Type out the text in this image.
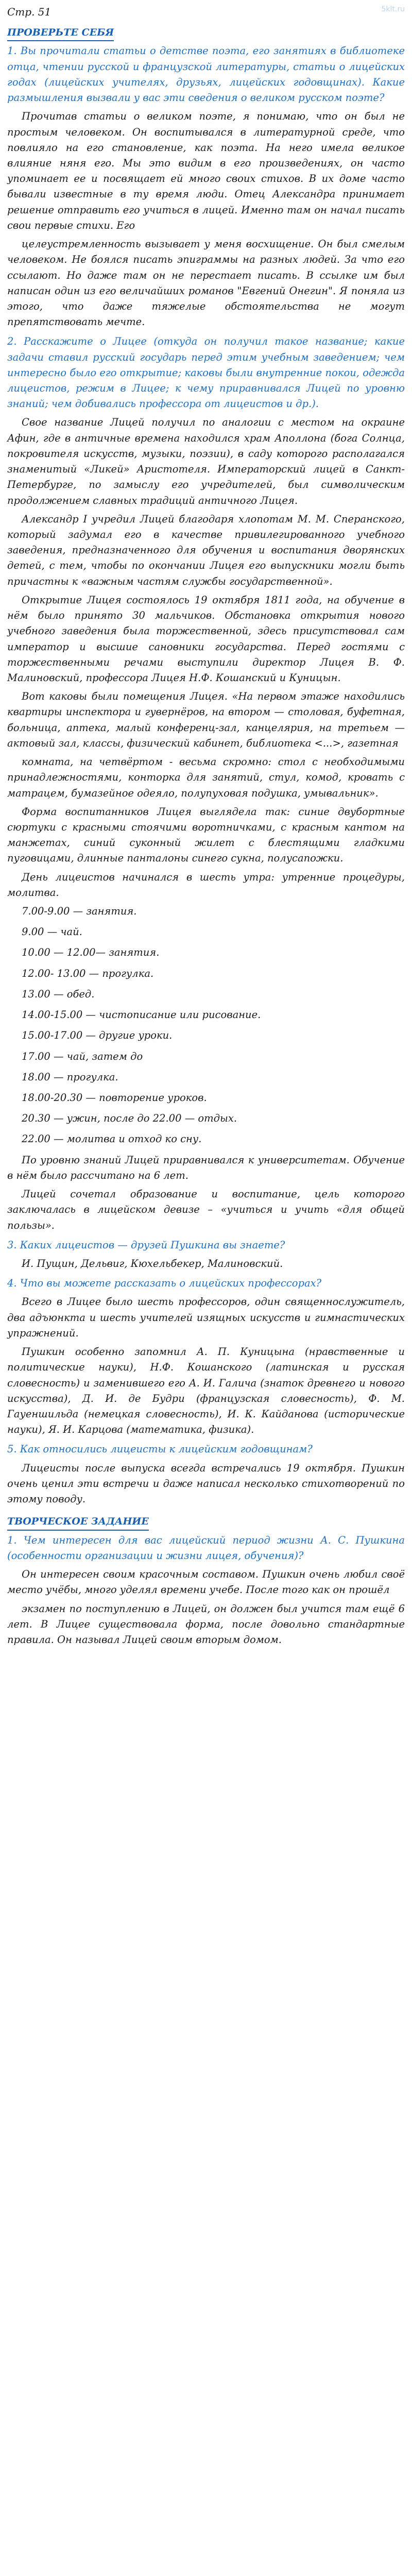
Стр. 51	5klt.ru
ПРОВЕРЬТЕ СЕБЯ
1. Вы прочитали статьи о детстве поэта, его занятиях в библиотеке отца, чтении русской и французской литературы, статьи о лицейских годах (лицейских учителях, друзьях, лицейских годовщинах). Какие размышления вызвали у вас эти сведения о великом русском поэте?

Прочитав статьи о великом поэте, я понимаю, что он был не простым человеком. Он воспитывался в литературной среде, что повлияло на его становление, как поэта. На него имела великое влияние няня его. Мы это видим в его произведениях, он часто упоминает ее и посвящает ей много своих стихов. В их доме часто бывали известные в ту время люди. Отец Александра принимает решение отправить его учиться в лицей. Именно там он начал писать свои первые стихи. Его

целеустремленность вызывает у меня восхищение. Он был смелым человеком. Не боялся писать эпиграммы на разных людей. За что его ссылают. Но даже там он не перестает писать. В ссылке им был написан один из его величайших романов "Евгений Онегин". Я поняла из этого, что даже тяжелые обстоятельства не могут препятствовать мечте.

2. Расскажите о Лицее (откуда он получил такое название; какие задачи ставил русский государь перед этим учебным заведением; чем интересно было его открытие; каковы были внутренние покои, одежда лицеистов, режим в Лицее; к чему приравнивался Лицей по уровню знаний; чем добивались профессора от лицеистов и др.).

Свое название Лицей получил по аналогии с местом на окраине Афин, где в античные времена находился храм Аполлона (бога Солнца, покровителя искусств, музыки, поэзии), в саду которого располагался знаменитый «Ликей» Аристотеля. Императорский лицей в Санкт-Петербурге, по замыслу его учредителей, был символическим продолжением славных традиций античного Лицея.

Александр I учредил Лицей благодаря хлопотам М. М. Сперанского, который задумал его в качестве привилегированного учебного заведения, предназначенного для обучения и воспитания дворянских детей, с тем, чтобы по окончании Лицея его выпускники могли быть причастны к «важным частям службы государственной».

Открытие Лицея состоялось 19 октября 1811 года, на обучение в нём было принято 30 мальчиков. Обстановка открытия нового учебного заведения была торжественной, здесь присутствовал сам император и высшие сановники государства. Перед гостями с торжественными речами выступили директор Лицея В. Ф. Малиновский, профессора Лицея Н.Ф. Кошанский и Куницын.

Вот каковы были помещения Лицея. «На первом этаже находились квартиры инспектора и гувернёров, на втором — столовая, буфетная, больница, аптека, малый конференц-зал, канцелярия, на третьем — актовый зал, классы, физический кабинет, библиотека <...>, газетная

комната, на четвёртом - весьма скромно: стол с необходимыми принадлежностями, конторка для занятий, стул, комод, кровать с матрацем, бумазейное одеяло, полупуховая подушка, умывальник».

Форма воспитанников Лицея выглядела так: синие двубортные сюртуки с красными стоячими воротничками, с красным кантом на манжетах, синий суконный жилет с блестящими гладкими пуговицами, длинные панталоны синего сукна, полусапожки.

День лицеистов начинался в шесть утра: утренние процедуры, молитва.

7.00-9.00 — занятия.

9.00 — чай.

10.00 — 12.00— занятия.

12.00- 13.00 — прогулка.

13.00 — обед.

14.00-15.00 — чистописание или рисование.

15.00-17.00 — другие уроки.

17.00 — чай, затем до

18.00 — прогулка.

18.00-20.30 — повторение уроков.

20.30 — ужин, после до 22.00 — отдых.

22.00 — молитва и отход ко сну.

По уровню знаний Лицей приравнивался к университетам. Обучение в нём было рассчитано на 6 лет.

Лицей сочетал образование и воспитание, цель которого заключалась в лицейском девизе – «учиться и учить «для общей пользы».

3. Каких лицеистов — друзей Пушкина вы знаете?

И. Пущин, Дельвиг, Кюхельбекер, Малиновский.

4. Что вы можете рассказать о лицейских профессорах?

Всего в Лицее было шесть профессоров, один священнослужитель, два адъюнкта и шесть учителей изящных искусств и гимнастических упражнений.

Пушкин особенно запомнил А. П. Куницына (нравственные и политические науки), Н.Ф. Кошанского (латинская и русская словесность) и заменившего его А. И. Галича (знаток древнего и нового искусства), Д. И. де Будри (французская словесность), Ф. М. Гауеншильда (немецкая словесность), И. К. Кайданова (исторические науки), Я. И. Карцова (математика, физика).

5. Как относились лицеисты к лицейским годовщинам?

Лицеисты после выпуска всегда встречались 19 октября. Пушкин очень ценил эти встречи и даже написал несколько стихотворений по этому поводу.

ТВОРЧЕСКОЕ ЗАДАНИЕ
1. Чем интересен для вас лицейский период жизни А. С. Пушкина (особенности организации и жизни лицея, обучения)?

Он интересен своим красочным составом. Пушкин очень любил своё место учёбы, много уделял времени учебе. После того как он прошёл

экзамен по поступлению в Лицей, он должен был учится там ещё 6 лет. В Лицее существовала форма, после довольно стандартные правила. Он называл Лицей своим вторым домом.
